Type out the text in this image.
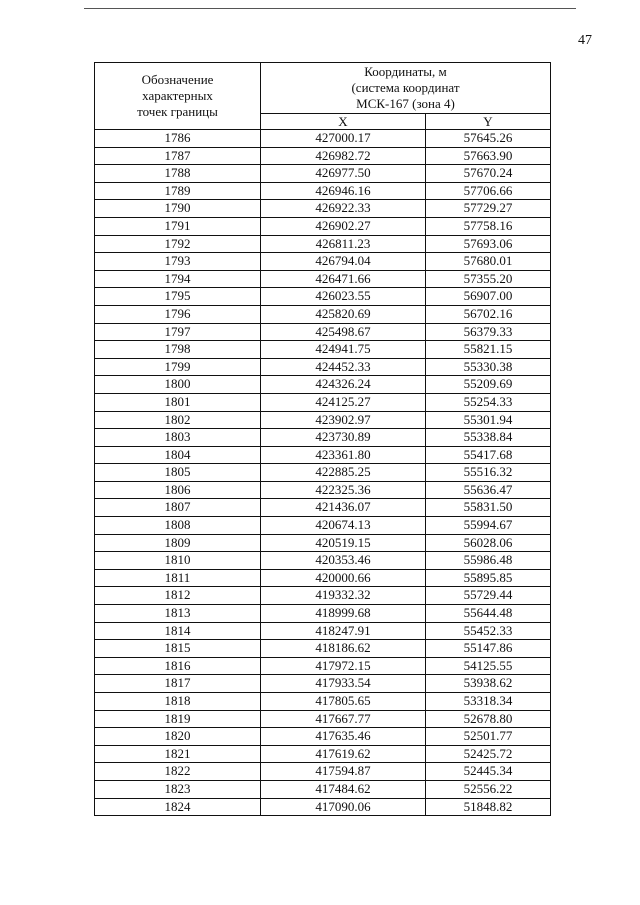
47
Обозначение
характерных
точек границы	Координаты, м
(система координат
МСК-167 (зона 4)	

	X	Y
1786	427000.17	57645.26
1787	426982.72	57663.90
1788	426977.50	57670.24
1789	426946.16	57706.66
1790	426922.33	57729.27
1791	426902.27	57758.16
1792	426811.23	57693.06
1793	426794.04	57680.01
1794	426471.66	57355.20
1795	426023.55	56907.00
1796	425820.69	56702.16
1797	425498.67	56379.33
1798	424941.75	55821.15
1799	424452.33	55330.38
1800	424326.24	55209.69
1801	424125.27	55254.33
1802	423902.97	55301.94
1803	423730.89	55338.84
1804	423361.80	55417.68
1805	422885.25	55516.32
1806	422325.36	55636.47
1807	421436.07	55831.50
1808	420674.13	55994.67
1809	420519.15	56028.06
1810	420353.46	55986.48
1811	420000.66	55895.85
1812	419332.32	55729.44
1813	418999.68	55644.48
1814	418247.91	55452.33
1815	418186.62	55147.86
1816	417972.15	54125.55
1817	417933.54	53938.62
1818	417805.65	53318.34
1819	417667.77	52678.80
1820	417635.46	52501.77
1821	417619.62	52425.72
1822	417594.87	52445.34
1823	417484.62	52556.22
1824	417090.06	51848.82
